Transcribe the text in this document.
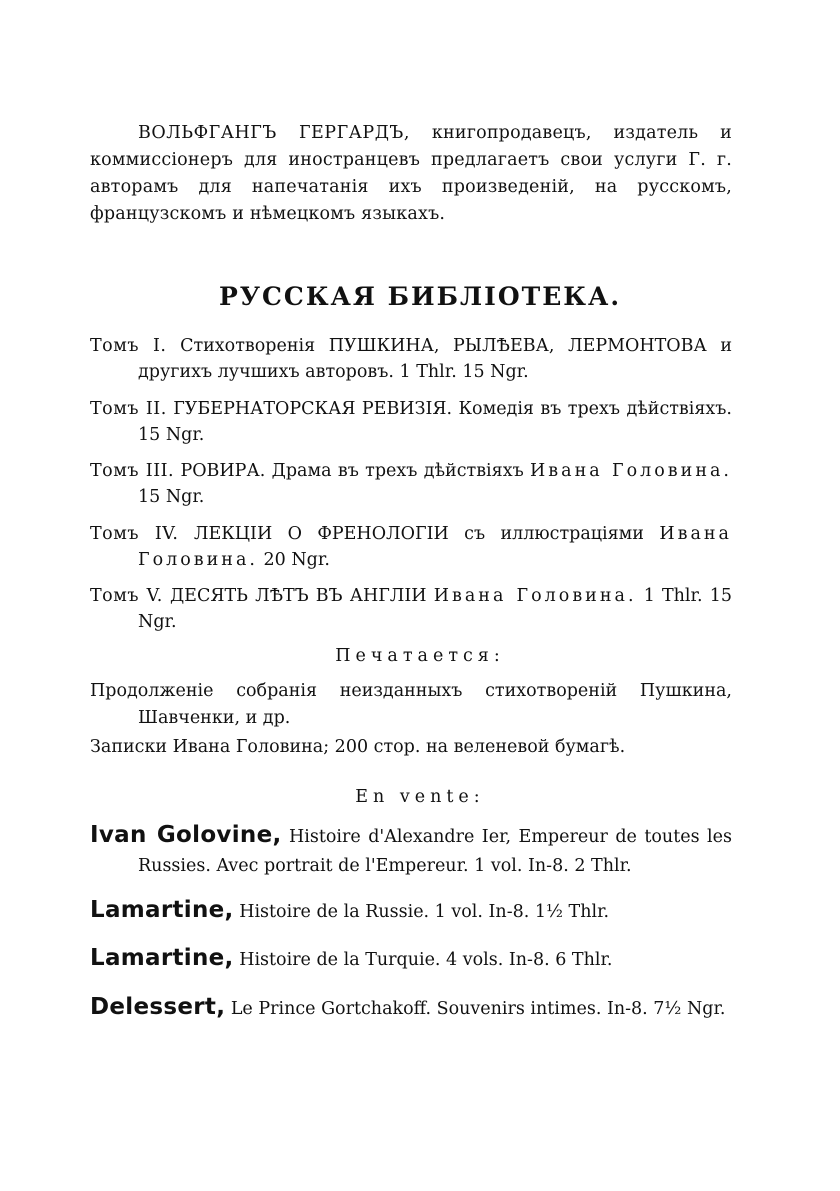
ВОЛЬФГАНГЪ ГЕРГАРДЪ, книгопродавецъ, издатель и коммиссіонеръ для иностранцевъ предлагаетъ свои услуги Г. г. авторамъ для напечатанія ихъ произведеній, на русскомъ, французскомъ и нѣмецкомъ языкахъ.

РУССКАЯ БИБЛІОТЕКА.
Томъ I. Стихотворенія ПУШКИНА, РЫЛѢЕВА, ЛЕРМОНТОВА и другихъ лучшихъ авторовъ. 1 Thlr. 15 Ngr.
Томъ II. ГУБЕРНАТОРСКАЯ РЕВИЗІЯ. Комедія въ трехъ дѣйствіяхъ. 15 Ngr.
Томъ III. РОВИРА. Драма въ трехъ дѣйствіяхъ Ивана Головина. 15 Ngr.
Томъ IV. ЛЕКЦІИ О ФРЕНОЛОГІИ съ иллюстраціями Ивана Головина. 20 Ngr.
Томъ V. ДЕСЯТЬ ЛѢТЪ ВЪ АНГЛІИ Ивана Головина. 1 Thlr. 15 Ngr.

Печатается:

Продолженіе собранія неизданныхъ стихотвореній Пушкина, Шавченки, и др.
Записки Ивана Головина; 200 стор. на веленевой бумагѣ.

En vente:

Ivan Golovine, Histoire d'Alexandre Ier, Empereur de toutes les Russies. Avec portrait de l'Empereur. 1 vol. In-8. 2 Thlr.
Lamartine, Histoire de la Russie. 1 vol. In-8. 1½ Thlr.
Lamartine, Histoire de la Turquie. 4 vols. In-8. 6 Thlr.
Delessert, Le Prince Gortchakoff. Souvenirs intimes. In-8. 7½ Ngr.
